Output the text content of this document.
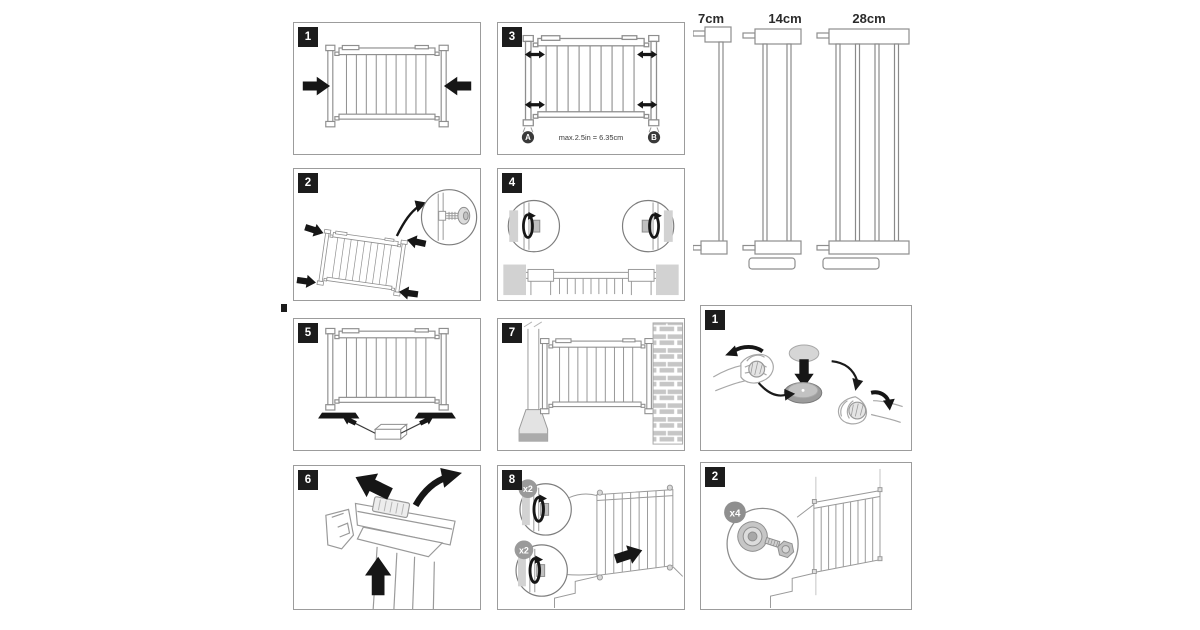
1	3
A	B
max.2.5in = 6.35cm
2	4
5	7
1
6	8
x2
x2
2
x4
7cm	14cm	28cm
